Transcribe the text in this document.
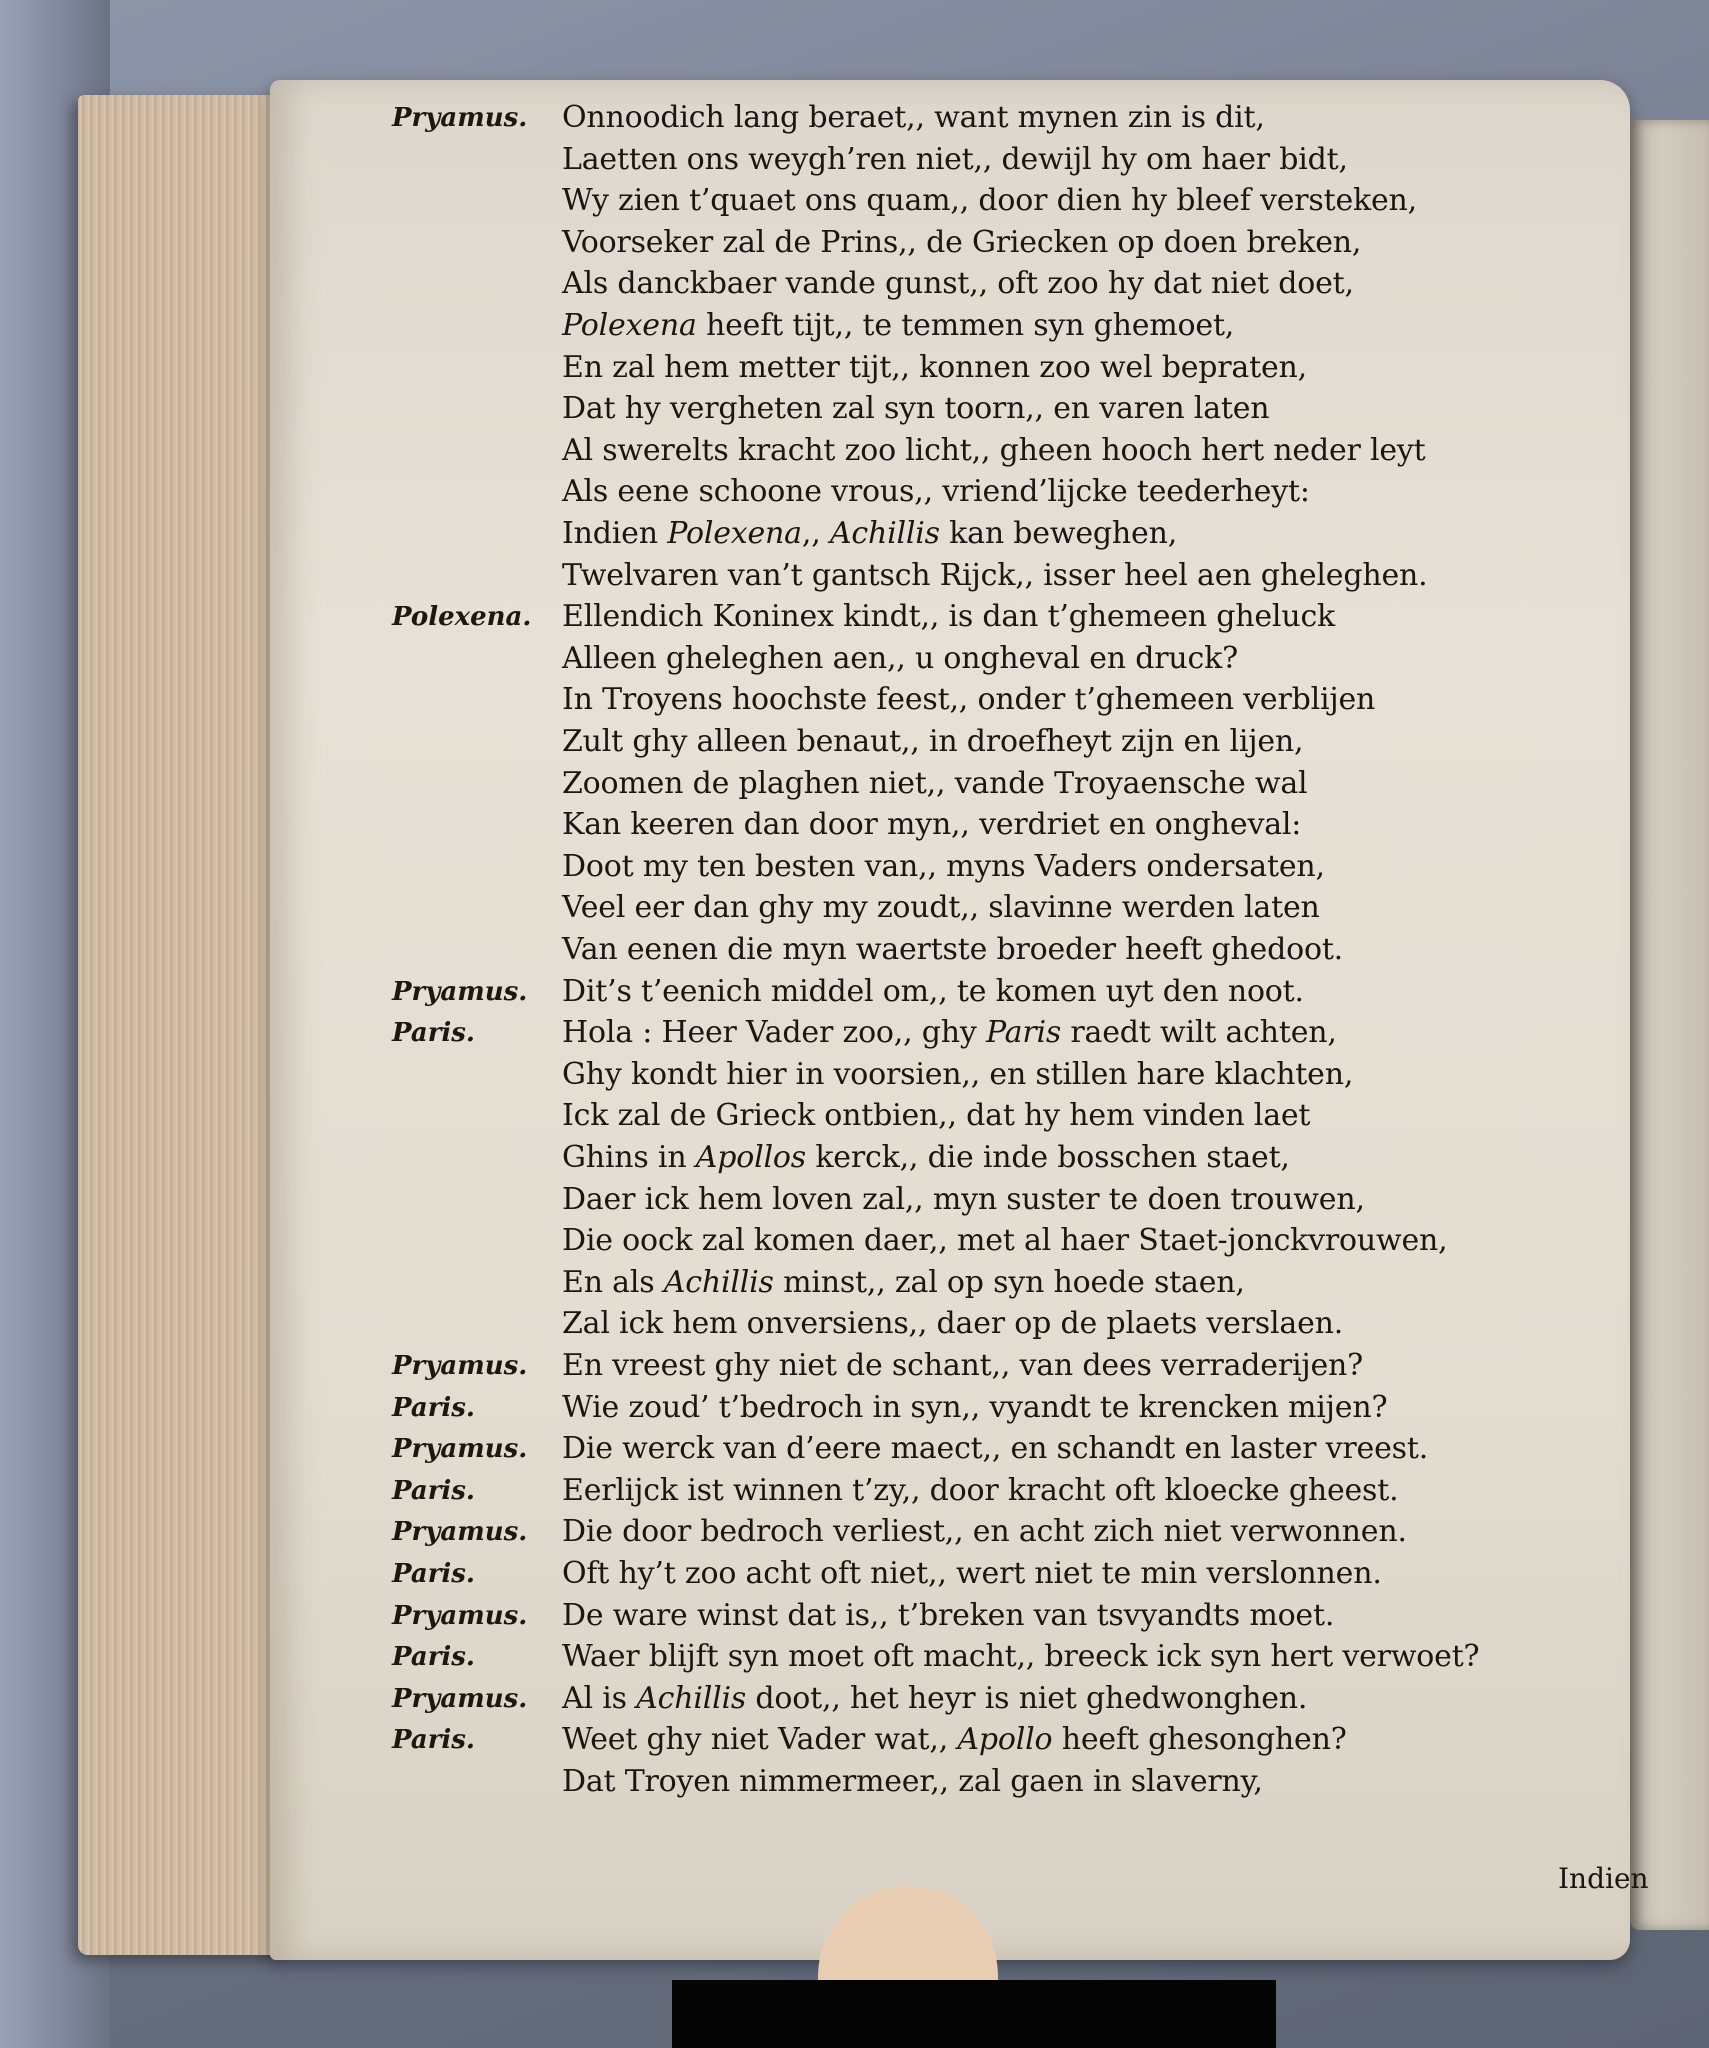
Pryamus.	Onnoodich lang beraet,, want mynen zin is dit,
Laetten ons weygh’ren niet,, dewijl hy om haer bidt,
Wy zien t’quaet ons quam,, door dien hy bleef versteken,
Voorseker zal de Prins,, de Griecken op doen breken,
Als danckbaer vande gunst,, oft zoo hy dat niet doet,
Polexena heeft tijt,, te temmen syn ghemoet,
En zal hem metter tijt,, konnen zoo wel bepraten,
Dat hy vergheten zal syn toorn,, en varen laten
Al swerelts kracht zoo licht,, gheen hooch hert neder leyt
Als eene schoone vrous,, vriend’lijcke teederheyt:
Indien Polexena,, Achillis kan beweghen,
Twelvaren van’t gantsch Rijck,, isser heel aen gheleghen.
Polexena.	Ellendich Koninex kindt,, is dan t’ghemeen gheluck
Alleen gheleghen aen,, u ongheval en druck?
In Troyens hoochste feest,, onder t’ghemeen verblijen
Zult ghy alleen benaut,, in droefheyt zijn en lijen,
Zoomen de plaghen niet,, vande Troyaensche wal
Kan keeren dan door myn,, verdriet en ongheval:
Doot my ten besten van,, myns Vaders ondersaten,
Veel eer dan ghy my zoudt,, slavinne werden laten
Van eenen die myn waertste broeder heeft ghedoot.
Pryamus.	Dit’s t’eenich middel om,, te komen uyt den noot.
Paris.	Hola : Heer Vader zoo,, ghy Paris raedt wilt achten,
Ghy kondt hier in voorsien,, en stillen hare klachten,
Ick zal de Grieck ontbien,, dat hy hem vinden laet
Ghins in Apollos kerck,, die inde bosschen staet,
Daer ick hem loven zal,, myn suster te doen trouwen,
Die oock zal komen daer,, met al haer Staet-jonckvrouwen,
En als Achillis minst,, zal op syn hoede staen,
Zal ick hem onversiens,, daer op de plaets verslaen.
Pryamus.	En vreest ghy niet de schant,, van dees verraderijen?
Paris.	Wie zoud’ t’bedroch in syn,, vyandt te krencken mijen?
Pryamus.	Die werck van d’eere maect,, en schandt en laster vreest.
Paris.	Eerlijck ist winnen t’zy,, door kracht oft kloecke gheest.
Pryamus.	Die door bedroch verliest,, en acht zich niet verwonnen.
Paris.	Oft hy’t zoo acht oft niet,, wert niet te min verslonnen.
Pryamus.	De ware winst dat is,, t’breken van tsvyandts moet.
Paris.	Waer blijft syn moet oft macht,, breeck ick syn hert verwoet?
Pryamus.	Al is Achillis doot,, het heyr is niet ghedwonghen.
Paris.	Weet ghy niet Vader wat,, Apollo heeft ghesonghen?
Dat Troyen nimmermeer,, zal gaen in slaverny,
Indien
